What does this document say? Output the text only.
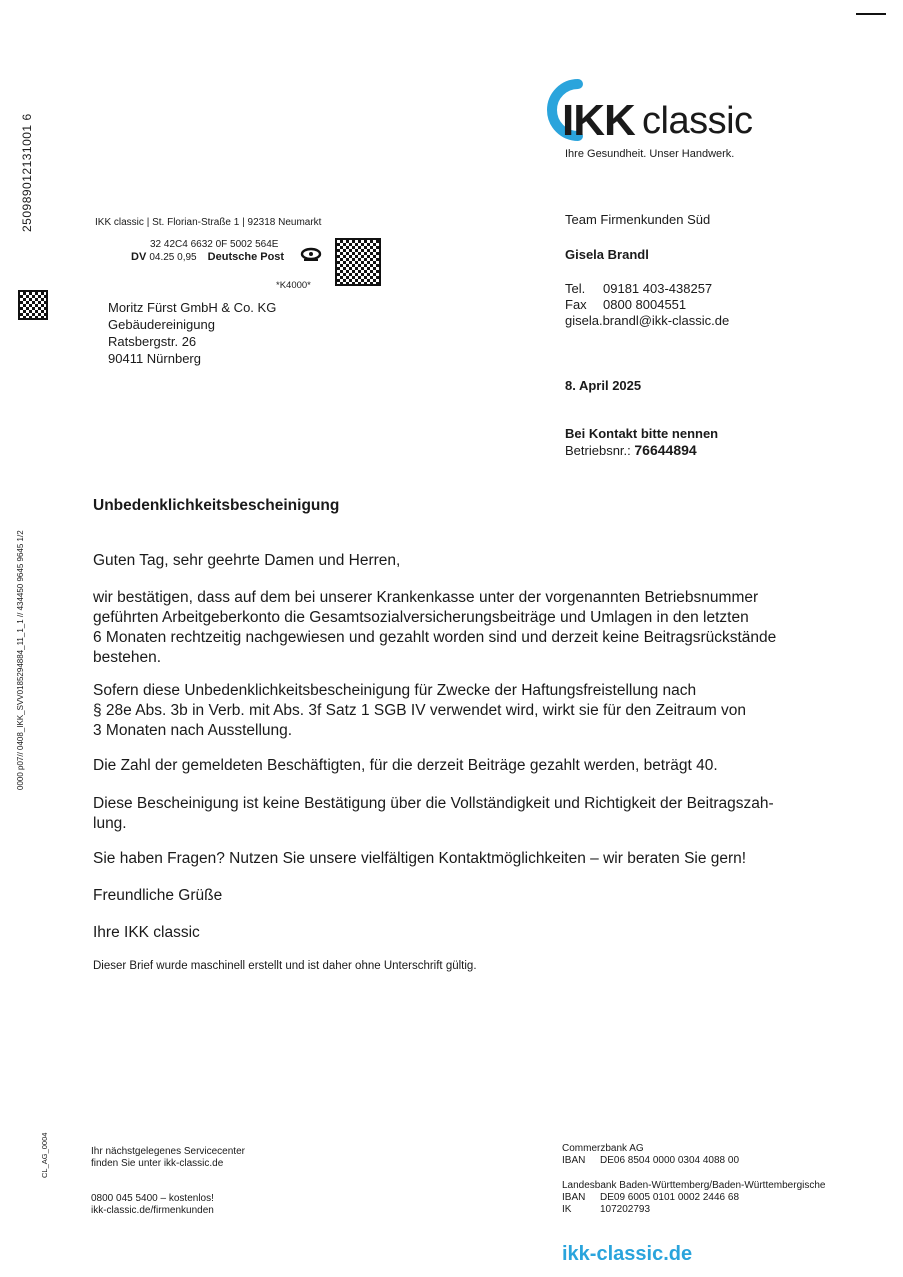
250989012131001 6
0000 p07// 0408_IKK_SVV0185294884_11_1_1 // 434450 9645 9645 1/2
CL_AG_0004
IKK classic
Ihre Gesundheit. Unser Handwerk.
IKK classic | St. Florian-Straße 1 | 92318 Neumarkt
32 42C4 6632 0F 5002 564E
DV 04.25 0,95 Deutsche Post
*K4000*
Moritz Fürst GmbH & Co. KG
Gebäudereinigung
Ratsbergstr. 26
90411 Nürnberg
Team Firmenkunden Süd
Gisela Brandl
Tel. 09181 403-438257
Fax 0800 8004551
gisela.brandl@ikk-classic.de
8. April 2025
Bei Kontakt bitte nennen
Betriebsnr.: 76644894
Unbedenklichkeitsbescheinigung
Guten Tag, sehr geehrte Damen und Herren,
wir bestätigen, dass auf dem bei unserer Krankenkasse unter der vorgenannten Betriebsnummer
geführten Arbeitgeberkonto die Gesamtsozialversicherungsbeiträge und Umlagen in den letzten
6 Monaten rechtzeitig nachgewiesen und gezahlt worden sind und derzeit keine Beitragsrückstände
bestehen.
Sofern diese Unbedenklichkeitsbescheinigung für Zwecke der Haftungsfreistellung nach
§ 28e Abs. 3b in Verb. mit Abs. 3f Satz 1 SGB IV verwendet wird, wirkt sie für den Zeitraum von
3 Monaten nach Ausstellung.
Die Zahl der gemeldeten Beschäftigten, für die derzeit Beiträge gezahlt werden, beträgt 40.
Diese Bescheinigung ist keine Bestätigung über die Vollständigkeit und Richtigkeit der Beitragszah-
lung.
Sie haben Fragen? Nutzen Sie unsere vielfältigen Kontaktmöglichkeiten – wir beraten Sie gern!
Freundliche Grüße
Ihre IKK classic
Dieser Brief wurde maschinell erstellt und ist daher ohne Unterschrift gültig.
Ihr nächstgelegenes Servicecenter
finden Sie unter ikk-classic.de
0800 045 5400 – kostenlos!
ikk-classic.de/firmenkunden
Commerzbank AG
IBAN DE06 8504 0000 0304 4088 00
Landesbank Baden-Württemberg/Baden-Württembergische
IBAN DE09 6005 0101 0002 2446 68
IK	107202793
ikk-classic.de
